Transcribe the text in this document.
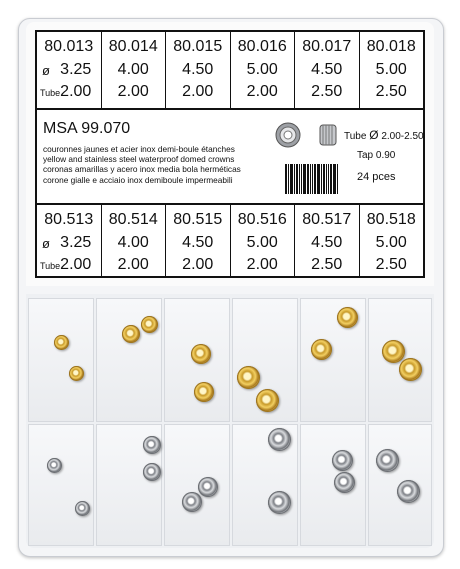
80.013
ø 3.25
Tube 2.00
80.014
4.00
2.00
80.015
4.50
2.00
80.016
5.00
2.00
80.017
4.50
2.50
80.018
5.00
2.50
MSA 99.070
couronnes jaunes et acier inox demi-boule étanches
yellow and stainless steel waterproof domed crowns
coronas amarillas y acero inox media bola herméticas
corone gialle e acciaio inox demiboule impermeabili
Tube Ø 2.00-2.50
Tap 0.90
24 pces
80.513
ø 3.25
Tube 2.00
80.514
4.00
2.00
80.515
4.50
2.00
80.516
5.00
2.00
80.517
4.50
2.50
80.518
5.00
2.50
